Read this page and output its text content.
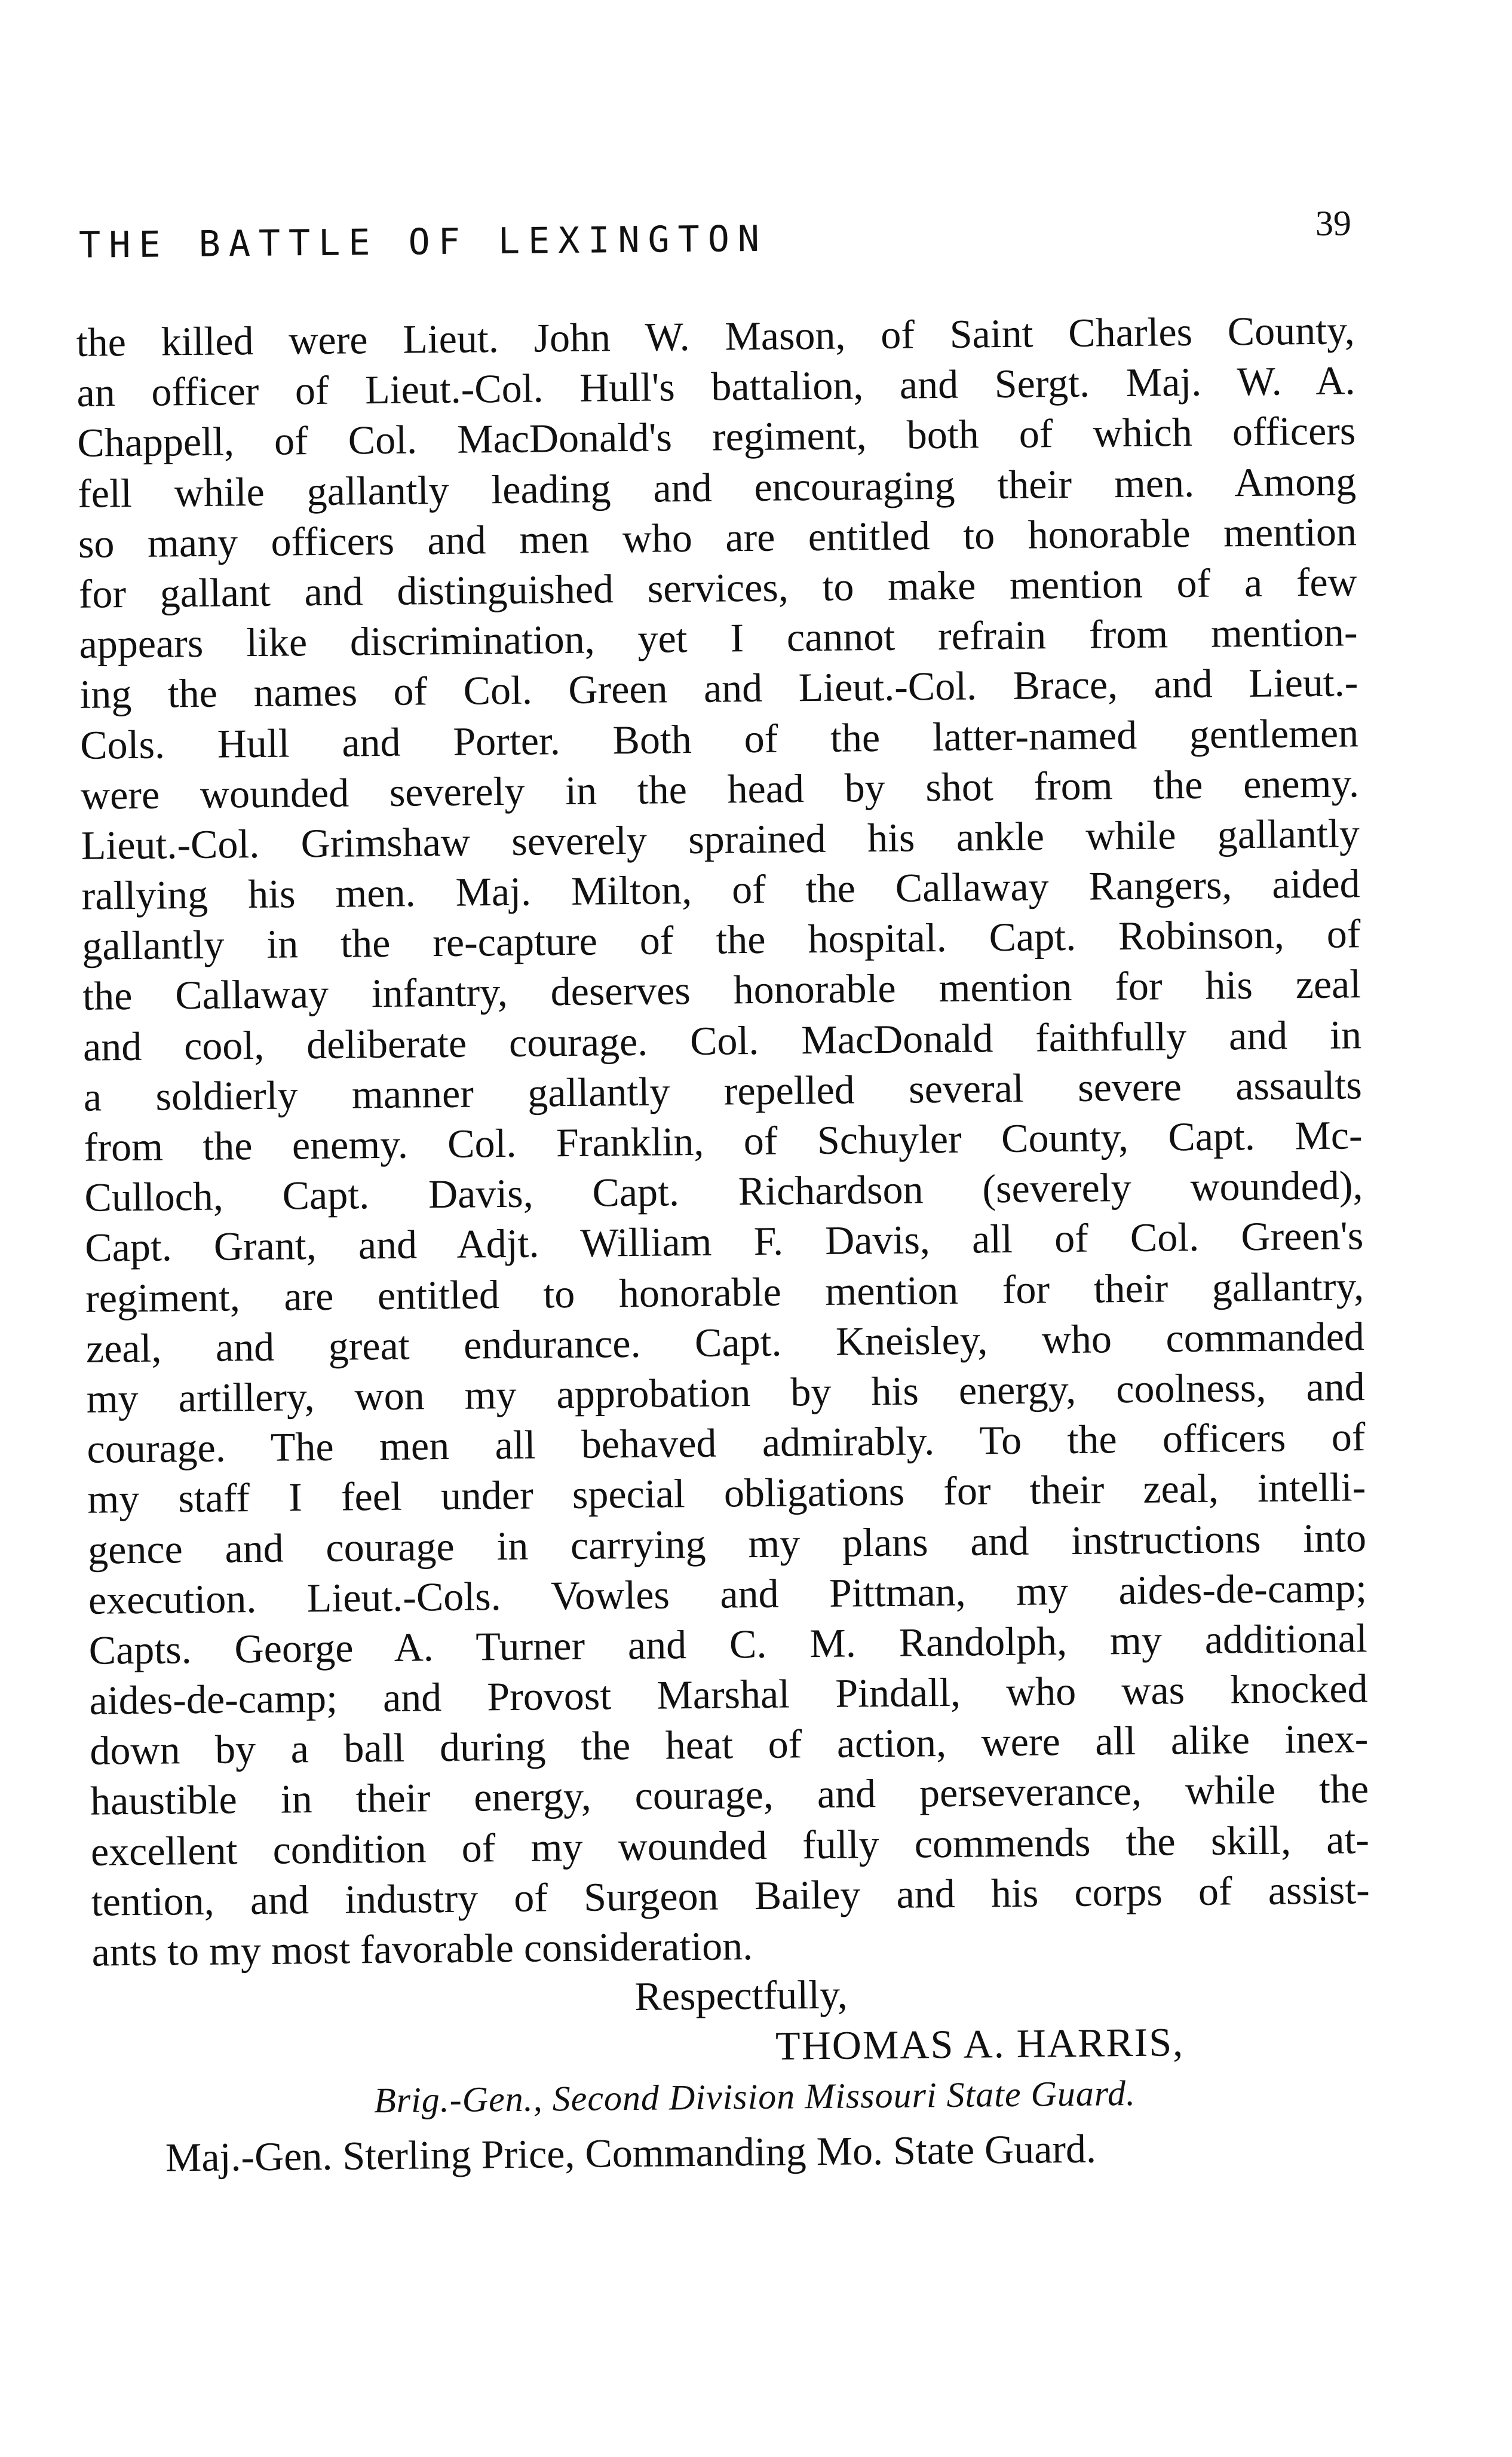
THE BATTLE OF LEXINGTON	39
the killed were Lieut. John W. Mason, of Saint Charles County,
an officer of Lieut.-Col. Hull's battalion, and Sergt. Maj. W. A.
Chappell, of Col. MacDonald's regiment, both of which officers
fell while gallantly leading and encouraging their men. Among
so many officers and men who are entitled to honorable mention
for gallant and distinguished services, to make mention of a few
appears like discrimination, yet I cannot refrain from mention-
ing the names of Col. Green and Lieut.-Col. Brace, and Lieut.-
Cols. Hull and Porter. Both of the latter-named gentlemen
were wounded severely in the head by shot from the enemy.
Lieut.-Col. Grimshaw severely sprained his ankle while gallantly
rallying his men. Maj. Milton, of the Callaway Rangers, aided
gallantly in the re-capture of the hospital. Capt. Robinson, of
the Callaway infantry, deserves honorable mention for his zeal
and cool, deliberate courage. Col. MacDonald faithfully and in
a soldierly manner gallantly repelled several severe assaults
from the enemy. Col. Franklin, of Schuyler County, Capt. Mc-
Culloch, Capt. Davis, Capt. Richardson (severely wounded),
Capt. Grant, and Adjt. William F. Davis, all of Col. Green's
regiment, are entitled to honorable mention for their gallantry,
zeal, and great endurance. Capt. Kneisley, who commanded
my artillery, won my approbation by his energy, coolness, and
courage. The men all behaved admirably. To the officers of
my staff I feel under special obligations for their zeal, intelli-
gence and courage in carrying my plans and instructions into
execution. Lieut.-Cols. Vowles and Pittman, my aides-de-camp;
Capts. George A. Turner and C. M. Randolph, my additional
aides-de-camp; and Provost Marshal Pindall, who was knocked
down by a ball during the heat of action, were all alike inex-
haustible in their energy, courage, and perseverance, while the
excellent condition of my wounded fully commends the skill, at-
tention, and industry of Surgeon Bailey and his corps of assist-
ants to my most favorable consideration.
Respectfully,
THOMAS A. HARRIS,
Brig.-Gen., Second Division Missouri State Guard.
Maj.-Gen. Sterling Price, Commanding Mo. State Guard.
